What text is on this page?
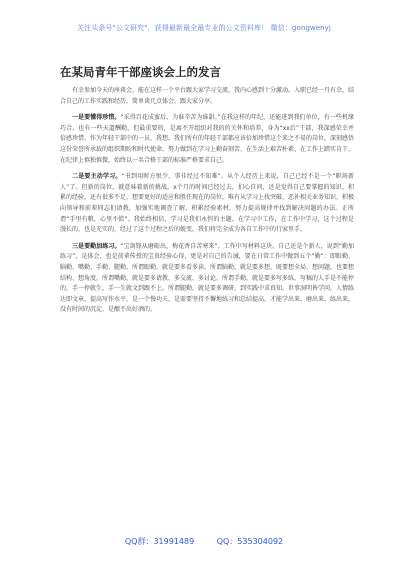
关注头条号"公文研究"，获得最新最全最专业的公文资料库！ 微信：gongwenyj
在某局青年干部座谈会上的发言

有幸参加今天的座谈会，能在这样一个平台跟大家学习交流，我内心感到十分激动。入职已经一月有余，结合自己的工作实践和经历，简单谈几点体会，跟大家分享。

一是要懂得珍惜。“采得百花成蜜后，为谁辛苦为谁甜。”在我这样的年纪，还能进到我们单位，有一些机缘巧合，也有一些天道酬勤，但最重要的，是离不开组织对我的的关怀和培养，身为“xx后”干部，我深感荣幸并倍感珍惜。作为年轻干部中的一员，我想，我们所有的年轻干部都应该倍加珍惜这个来之不易的岗位，深刻感悟这份荣誉所承载的组织期盼和时代使命，努力做到在学习上勤奋刻苦、在生活上艰苦朴素、在工作上踏实肯干、在纪律上慎独慎微，始终以一名合格干部的标准严格要求自己。

二是要主动学习。“书到用时方恨少，事非经过不知难”。从个人经历上来说，自己已经不是一个“职场新人”了。但新的岗位，就意味着新的挑战。x个月的时间已经过去，扪心自问，还是觉得自己要掌握的知识、积累的经验，还有很多不足，想要更好的适应和胜任现在的岗位，唯有从学习上找突破、恶补相关业务知识，积极向领导和前辈同志们请教，加强实地调查了解，积累经验素材，努力提高规律并找到解决问题的办法。正所谓“手里有粮，心里不慌”。我始终相信，学习是我们永恒的主题。在学习中工作，在工作中学习，这个过程是漫长的，也是充实的，经过了这个过程之后的蜕变，我们将完全成为各自工作中的行家里手。

三是要勤加练习。“宝剑锋从磨砺出，梅花香自苦寒来”。工作中写材料这块，自己还是个新人，说到“勤加练习”，是体会，也是前辈传授的宝贵经验心得，更是对自己的告诫，要在日常工作中做到五个“勤”：即眼勤、脑勤、嘴勤、手勤、腿勤。所谓眼勤，就是要多看多读。所谓脑勤，就是要多想，既要想全局、想问题，也要想结构、想角度。所谓嘴勤，就是要多请教、多交流、多讨论。所谓手勤，就是要多写多练。写稿的人手是不能停的，手一停就生，手一生就文到跟不上。所谓腿勤，就是要多调研，到实践中求真知。世事洞明皆学问，人情练达即文章，提高写作水平，是一个慢功夫，是需要坚持不懈地练习和总结提高，才能学出来、磨出来、练出来，没有时间的沉淀，是酿不出好酒的。

QQ群：31991489	QQ：535304092
